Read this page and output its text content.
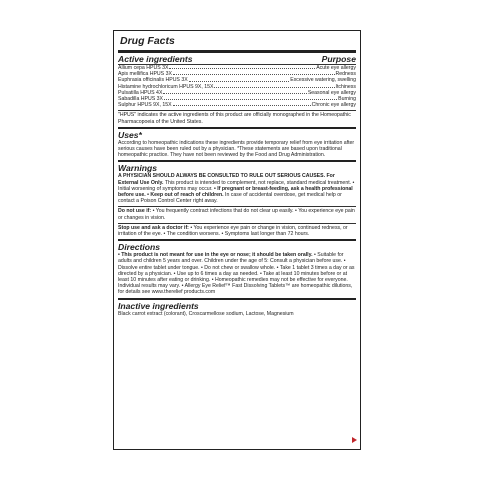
Drug Facts
Active ingredients	Purpose
Allium cepa HPUS 3X	Acute eye allergy
Apis mellifica HPUS 3X	Redness
Euphrasia officinalis HPUS 3X	Excessive watering, swelling
Histamine hydrochloricum HPUS 9X, 15X	Itchiness
Pulsatilla HPUS 4X	Seasonal eye allergy
Sabadilla HPUS 3X	Burning
Sulphur HPUS 9X, 15X	Chronic eye allergy
"HPUS" indicates the active ingredients of this product are officially monographed in the Homeopathic Pharmacopoeia of the United States.
Uses*
According to homeopathic indications these ingredients provide temporary relief from eye irritation after serious causes have been ruled out by a physician. *These statements are based upon traditional homeopathic practice. They have not been reviewed by the Food and Drug Administration.
Warnings
A PHYSICIAN SHOULD ALWAYS BE CONSULTED TO RULE OUT SERIOUS CAUSES. For External Use Only. This product is intended to complement, not replace, standard medical treatment. • Initial worsening of symptoms may occur. • If pregnant or breast-feeding, ask a health professional before use. • Keep out of reach of children. In case of accidental overdose, get medical help or contact a Poison Control Center right away.
Do not use if: • You frequently contract infections that do not clear up easily. • You experience eye pain or changes in vision.
Stop use and ask a doctor if: • You experience eye pain or change in vision, continued redness, or irritation of the eye. • The condition worsens. • Symptoms last longer than 72 hours.
Directions
• This product is not meant for use in the eye or nose; it should be taken orally. • Suitable for adults and children 5 years and over. Children under the age of 5: Consult a physician before use. • Dissolve entire tablet under tongue. • Do not chew or swallow whole. • Take 1 tablet 3 times a day or as directed by a physician. • Use up to 6 times a day as needed. • Take at least 10 minutes before or at least 10 minutes after eating or drinking. • Homeopathic remedies may not be effective for everyone. Individual results may vary. • Allergy Eye Relief™ Fast Dissolving Tablets™ are homeopathic dilutions, for details see www.therelief products.com
Inactive ingredients
Black carrot extract (colorant), Croscarmellose sodium, Lactose, Magnesium
